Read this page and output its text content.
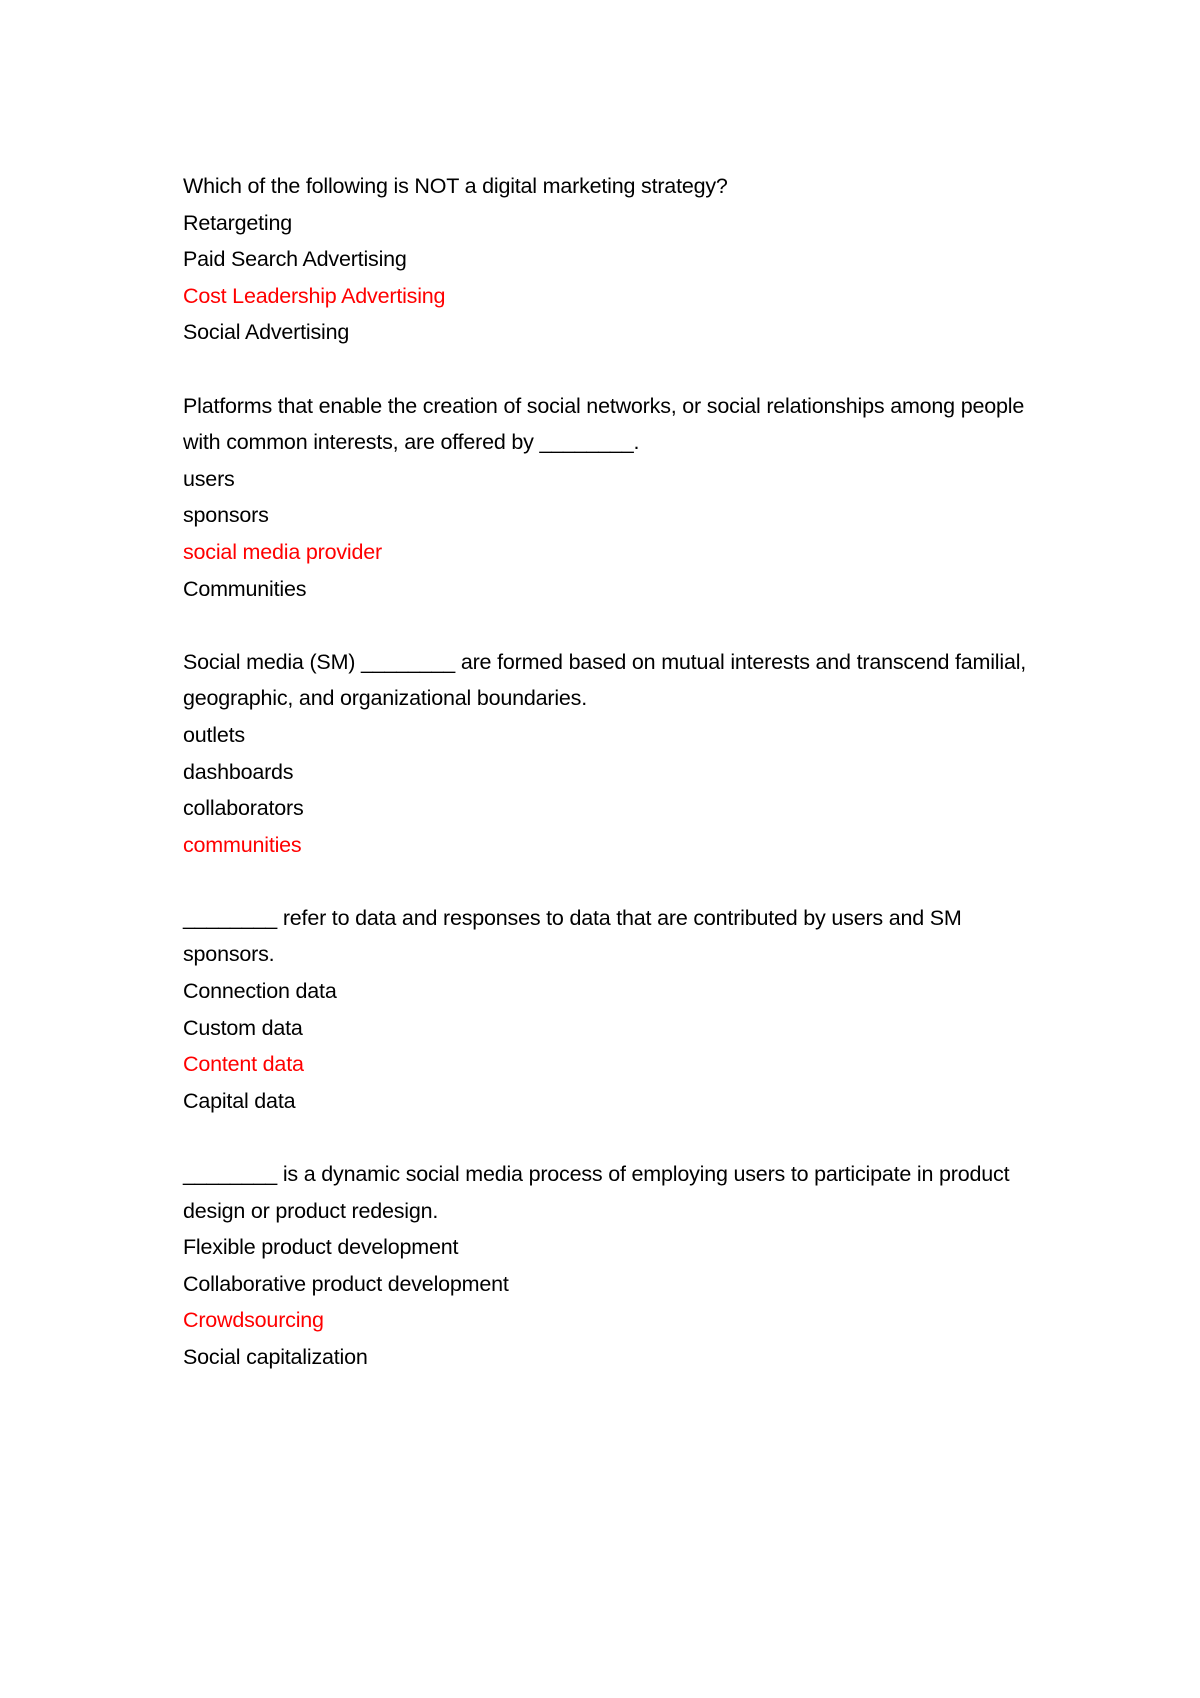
Which of the following is NOT a digital marketing strategy?
Retargeting
Paid Search Advertising
Cost Leadership Advertising
Social Advertising
Platforms that enable the creation of social networks, or social relationships among people with common interests, are offered by ________.
users
sponsors
social media provider
Communities
Social media (SM) ________ are formed based on mutual interests and transcend familial, geographic, and organizational boundaries.
outlets
dashboards
collaborators
communities
________ refer to data and responses to data that are contributed by users and SM sponsors.
Connection data
Custom data
Content data
Capital data
________ is a dynamic social media process of employing users to participate in product design or product redesign.
Flexible product development
Collaborative product development
Crowdsourcing
Social capitalization
